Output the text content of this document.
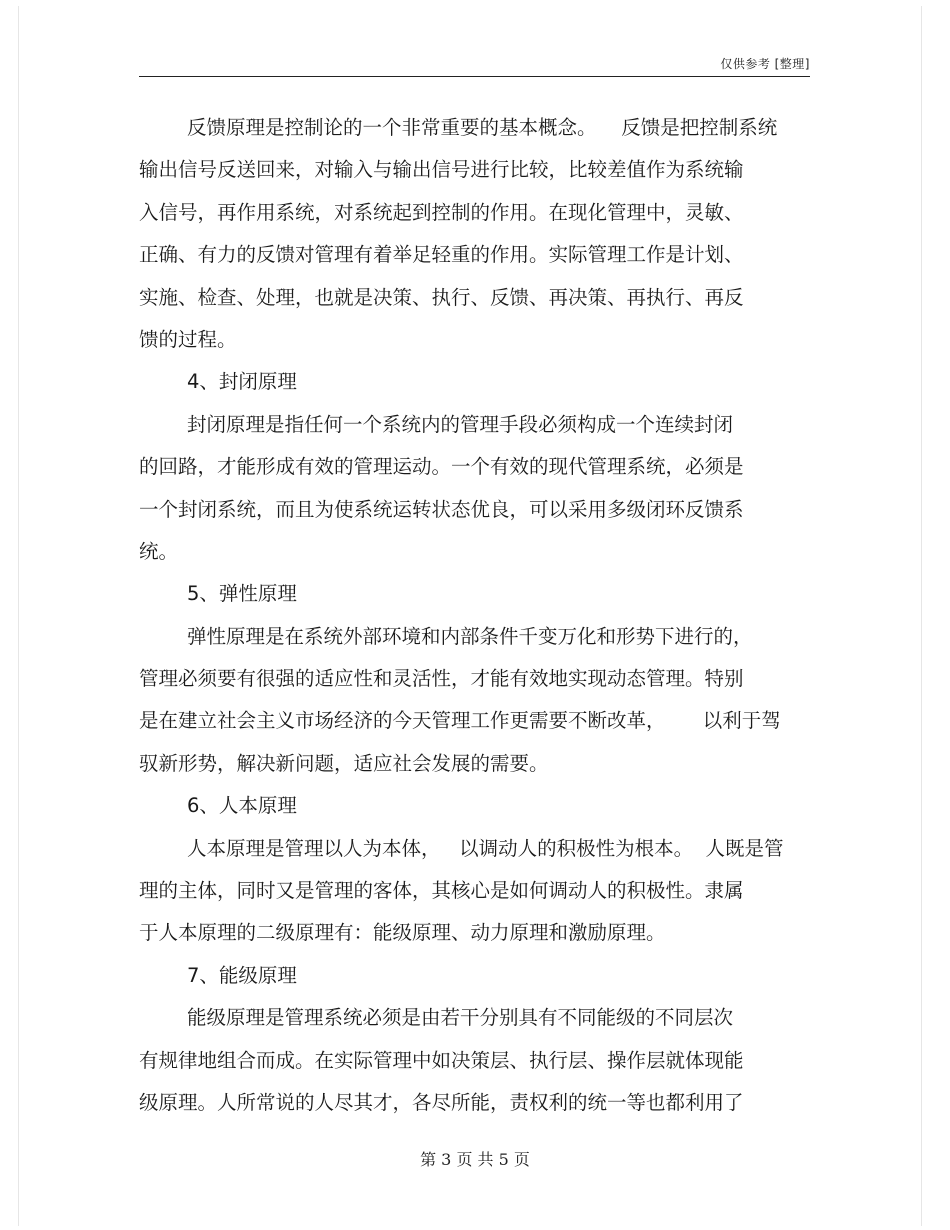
仅供参考 [整理]
反馈原理是控制论的一个非常重要的基本概念。    反馈是把控制系统
输出信号反送回来，对输入与输出信号进行比较，比较差值作为系统输
入信号，再作用系统，对系统起到控制的作用。在现化管理中，灵敏、
正确、有力的反馈对管理有着举足轻重的作用。实际管理工作是计划、
实施、检查、处理，也就是决策、执行、反馈、再决策、再执行、再反
馈的过程。
4、封闭原理
封闭原理是指任何一个系统内的管理手段必须构成一个连续封闭
的回路，才能形成有效的管理运动。一个有效的现代管理系统，必须是
一个封闭系统，而且为使系统运转状态优良，可以采用多级闭环反馈系
统。
5、弹性原理
弹性原理是在系统外部环境和内部条件千变万化和形势下进行的，
管理必须要有很强的适应性和灵活性，才能有效地实现动态管理。特别
是在建立社会主义市场经济的今天管理工作更需要不断改革，      以利于驾
驭新形势，解决新问题，适应社会发展的需要。
6、人本原理
人本原理是管理以人为本体，   以调动人的积极性为根本。  人既是管
理的主体，同时又是管理的客体，其核心是如何调动人的积极性。隶属
于人本原理的二级原理有：能级原理、动力原理和激励原理。
7、能级原理
能级原理是管理系统必须是由若干分别具有不同能级的不同层次
有规律地组合而成。在实际管理中如决策层、执行层、操作层就体现能
级原理。人所常说的人尽其才，各尽所能，责权利的统一等也都利用了
第 3 页 共 5 页
